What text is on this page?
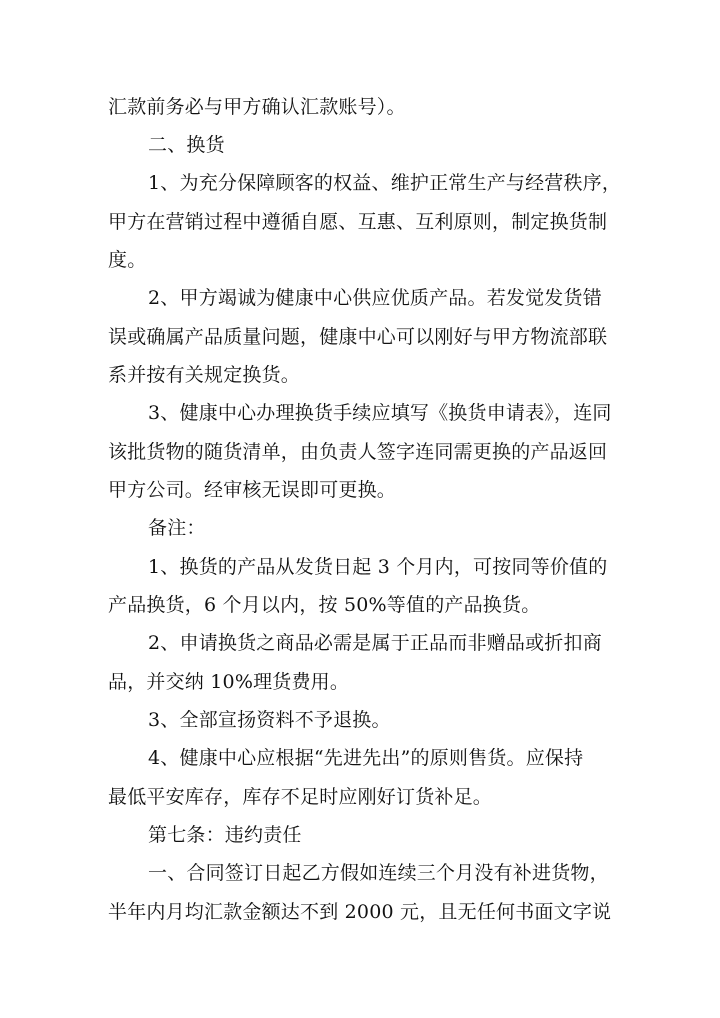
汇款前务必与甲方确认汇款账号）。
二、换货
1、为充分保障顾客的权益、维护正常生产与经营秩序，
甲方在营销过程中遵循自愿、互惠、互利原则，制定换货制
度。
2、甲方竭诚为健康中心供应优质产品。若发觉发货错
误或确属产品质量问题，健康中心可以刚好与甲方物流部联
系并按有关规定换货。
3、健康中心办理换货手续应填写《换货申请表》，连同
该批货物的随货清单，由负责人签字连同需更换的产品返回
甲方公司。经审核无误即可更换。
备注：
1、换货的产品从发货日起 3 个月内，可按同等价值的
产品换货，6 个月以内，按 50%等值的产品换货。
2、申请换货之商品必需是属于正品而非赠品或折扣商
品，并交纳 10%理货费用。
3、全部宣扬资料不予退换。
4、健康中心应根据“先进先出”的原则售货。应保持
最低平安库存，库存不足时应刚好订货补足。
第七条：违约责任
一、合同签订日起乙方假如连续三个月没有补进货物，
半年内月均汇款金额达不到 2000 元，且无任何书面文字说
